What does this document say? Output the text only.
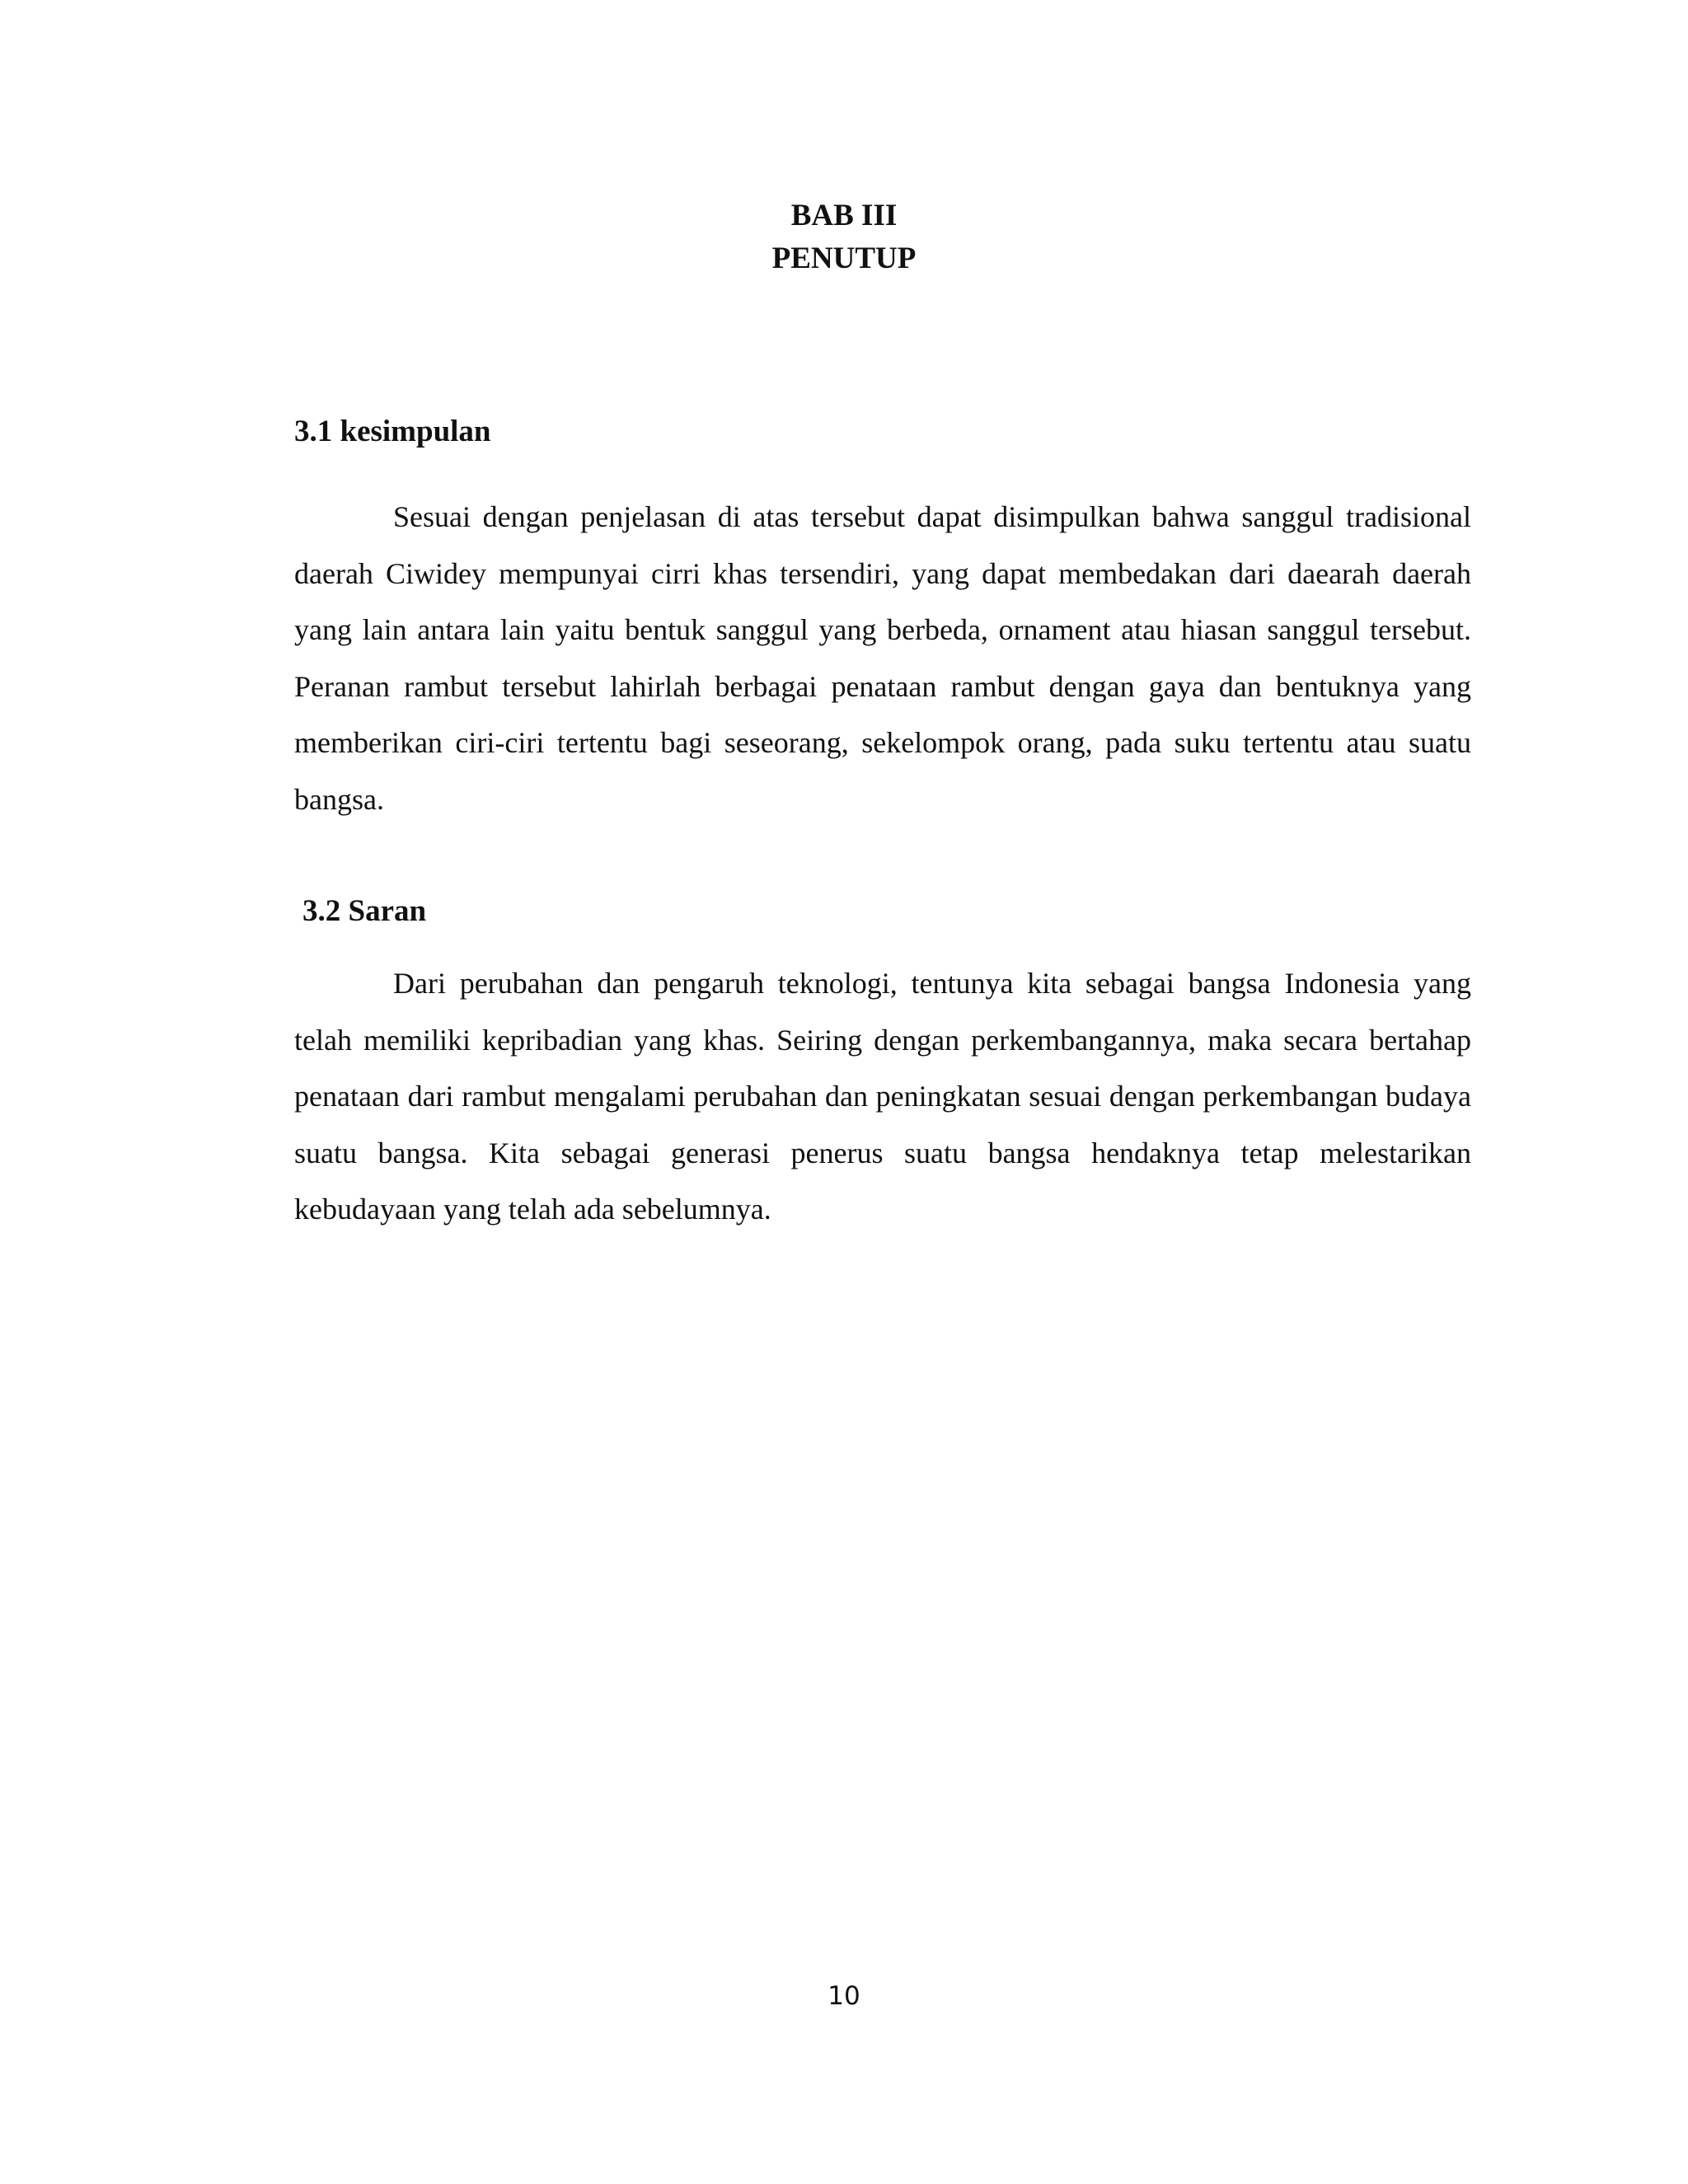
BAB III
PENUTUP
3.1 kesimpulan

Sesuai dengan penjelasan di atas tersebut dapat disimpulkan bahwa sanggul tradisional daerah Ciwidey mempunyai cirri khas tersendiri, yang dapat membedakan dari daearah daerah yang lain antara lain yaitu bentuk sanggul yang berbeda, ornament atau hiasan sanggul tersebut. Peranan rambut tersebut lahirlah berbagai penataan rambut dengan gaya dan bentuknya yang memberikan ciri-ciri tertentu bagi seseorang, sekelompok orang, pada suku tertentu atau suatu bangsa.

3.2 Saran

Dari perubahan dan pengaruh teknologi, tentunya kita sebagai bangsa Indonesia yang telah memiliki kepribadian yang khas. Seiring dengan perkembangannya, maka secara bertahap penataan dari rambut mengalami perubahan dan peningkatan sesuai dengan perkembangan budaya suatu bangsa. Kita sebagai generasi penerus suatu bangsa hendaknya tetap melestarikan kebudayaan yang telah ada sebelumnya.

10
